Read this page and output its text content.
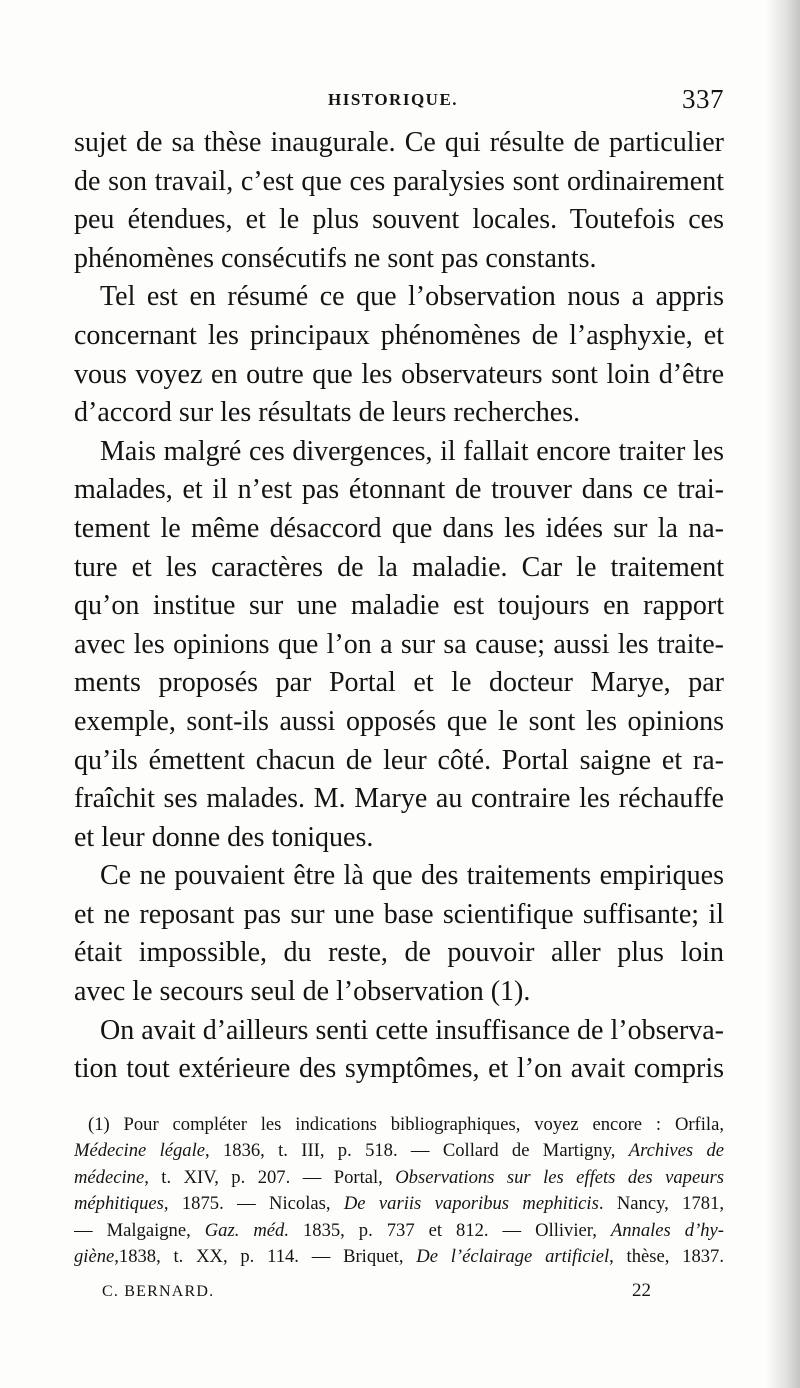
HISTORIQUE.	337
sujet de sa thèse inaugurale. Ce qui résulte de particulier
de son travail, c’est que ces paralysies sont ordinairement
peu étendues, et le plus souvent locales. Toutefois ces
phénomènes consécutifs ne sont pas constants.
Tel est en résumé ce que l’observation nous a appris
concernant les principaux phénomènes de l’asphyxie, et
vous voyez en outre que les observateurs sont loin d’être
d’accord sur les résultats de leurs recherches.
Mais malgré ces divergences, il fallait encore traiter les
malades, et il n’est pas étonnant de trouver dans ce trai-
tement le même désaccord que dans les idées sur la na-
ture et les caractères de la maladie. Car le traitement
qu’on institue sur une maladie est toujours en rapport
avec les opinions que l’on a sur sa cause; aussi les traite-
ments proposés par Portal et le docteur Marye, par
exemple, sont-ils aussi opposés que le sont les opinions
qu’ils émettent chacun de leur côté. Portal saigne et ra-
fraîchit ses malades. M. Marye au contraire les réchauffe
et leur donne des toniques.
Ce ne pouvaient être là que des traitements empiriques
et ne reposant pas sur une base scientifique suffisante; il
était impossible, du reste, de pouvoir aller plus loin
avec le secours seul de l’observation (1).
On avait d’ailleurs senti cette insuffisance de l’observa-
tion tout extérieure des symptômes, et l’on avait compris
(1) Pour compléter les indications bibliographiques, voyez encore : Orfila,
Médecine légale, 1836, t. III, p. 518. — Collard de Martigny, Archives de
médecine, t. XIV, p. 207. — Portal, Observations sur les effets des vapeurs
méphitiques, 1875. — Nicolas, De variis vaporibus mephiticis. Nancy, 1781,
— Malgaigne, Gaz. méd. 1835, p. 737 et 812. — Ollivier, Annales d’hy-
giène,1838, t. XX, p. 114. — Briquet, De l’éclairage artificiel, thèse, 1837.
C. BERNARD.	22
